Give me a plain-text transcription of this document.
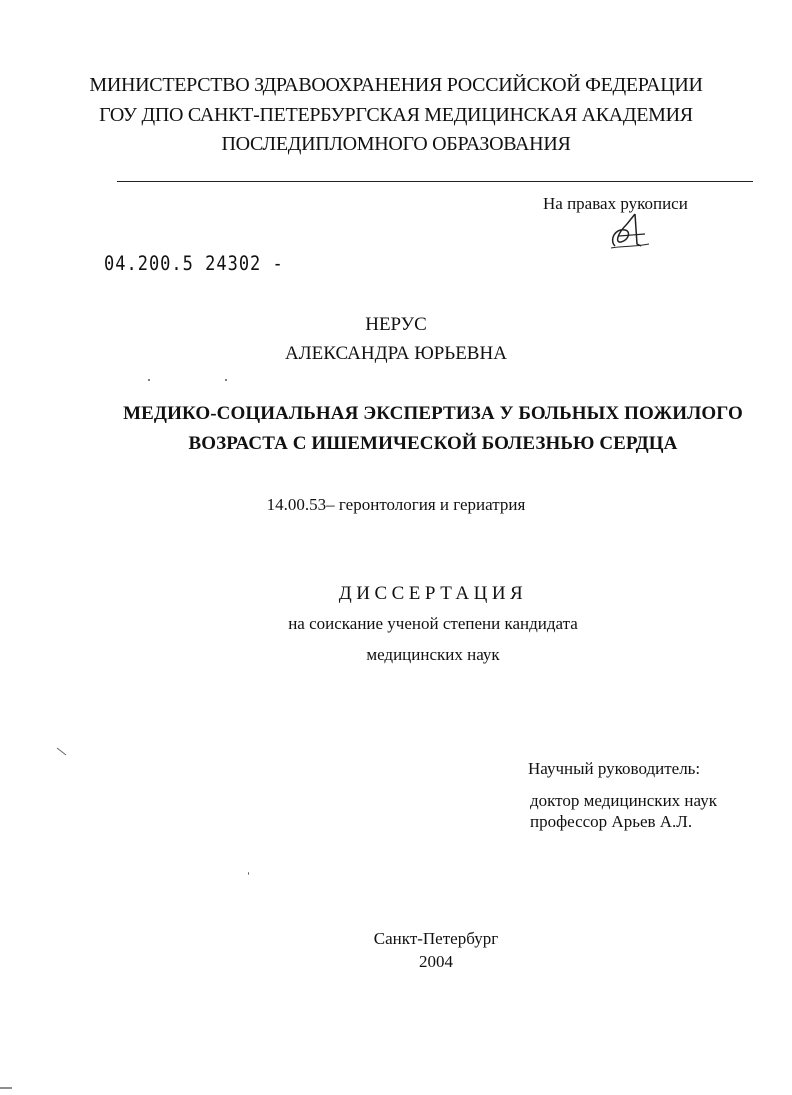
МИНИСТЕРСТВО ЗДРАВООХРАНЕНИЯ РОССИЙСКОЙ ФЕДЕРАЦИИ
ГОУ ДПО САНКТ-ПЕТЕРБУРГСКАЯ МЕДИЦИНСКАЯ АКАДЕМИЯ
ПОСЛЕДИПЛОМНОГО ОБРАЗОВАНИЯ
На правах рукописи
04.200.5 24302 -
НЕРУС
АЛЕКСАНДРА ЮРЬЕВНА
МЕДИКО-СОЦИАЛЬНАЯ ЭКСПЕРТИЗА У БОЛЬНЫХ ПОЖИЛОГО
ВОЗРАСТА С ИШЕМИЧЕСКОЙ БОЛЕЗНЬЮ СЕРДЦА
14.00.53– геронтология и гериатрия
ДИССЕРТАЦИЯ
на соискание ученой степени кандидата
медицинских наук
Научный руководитель:
доктор медицинских наук
профессор Арьев А.Л.
Санкт-Петербург
2004
